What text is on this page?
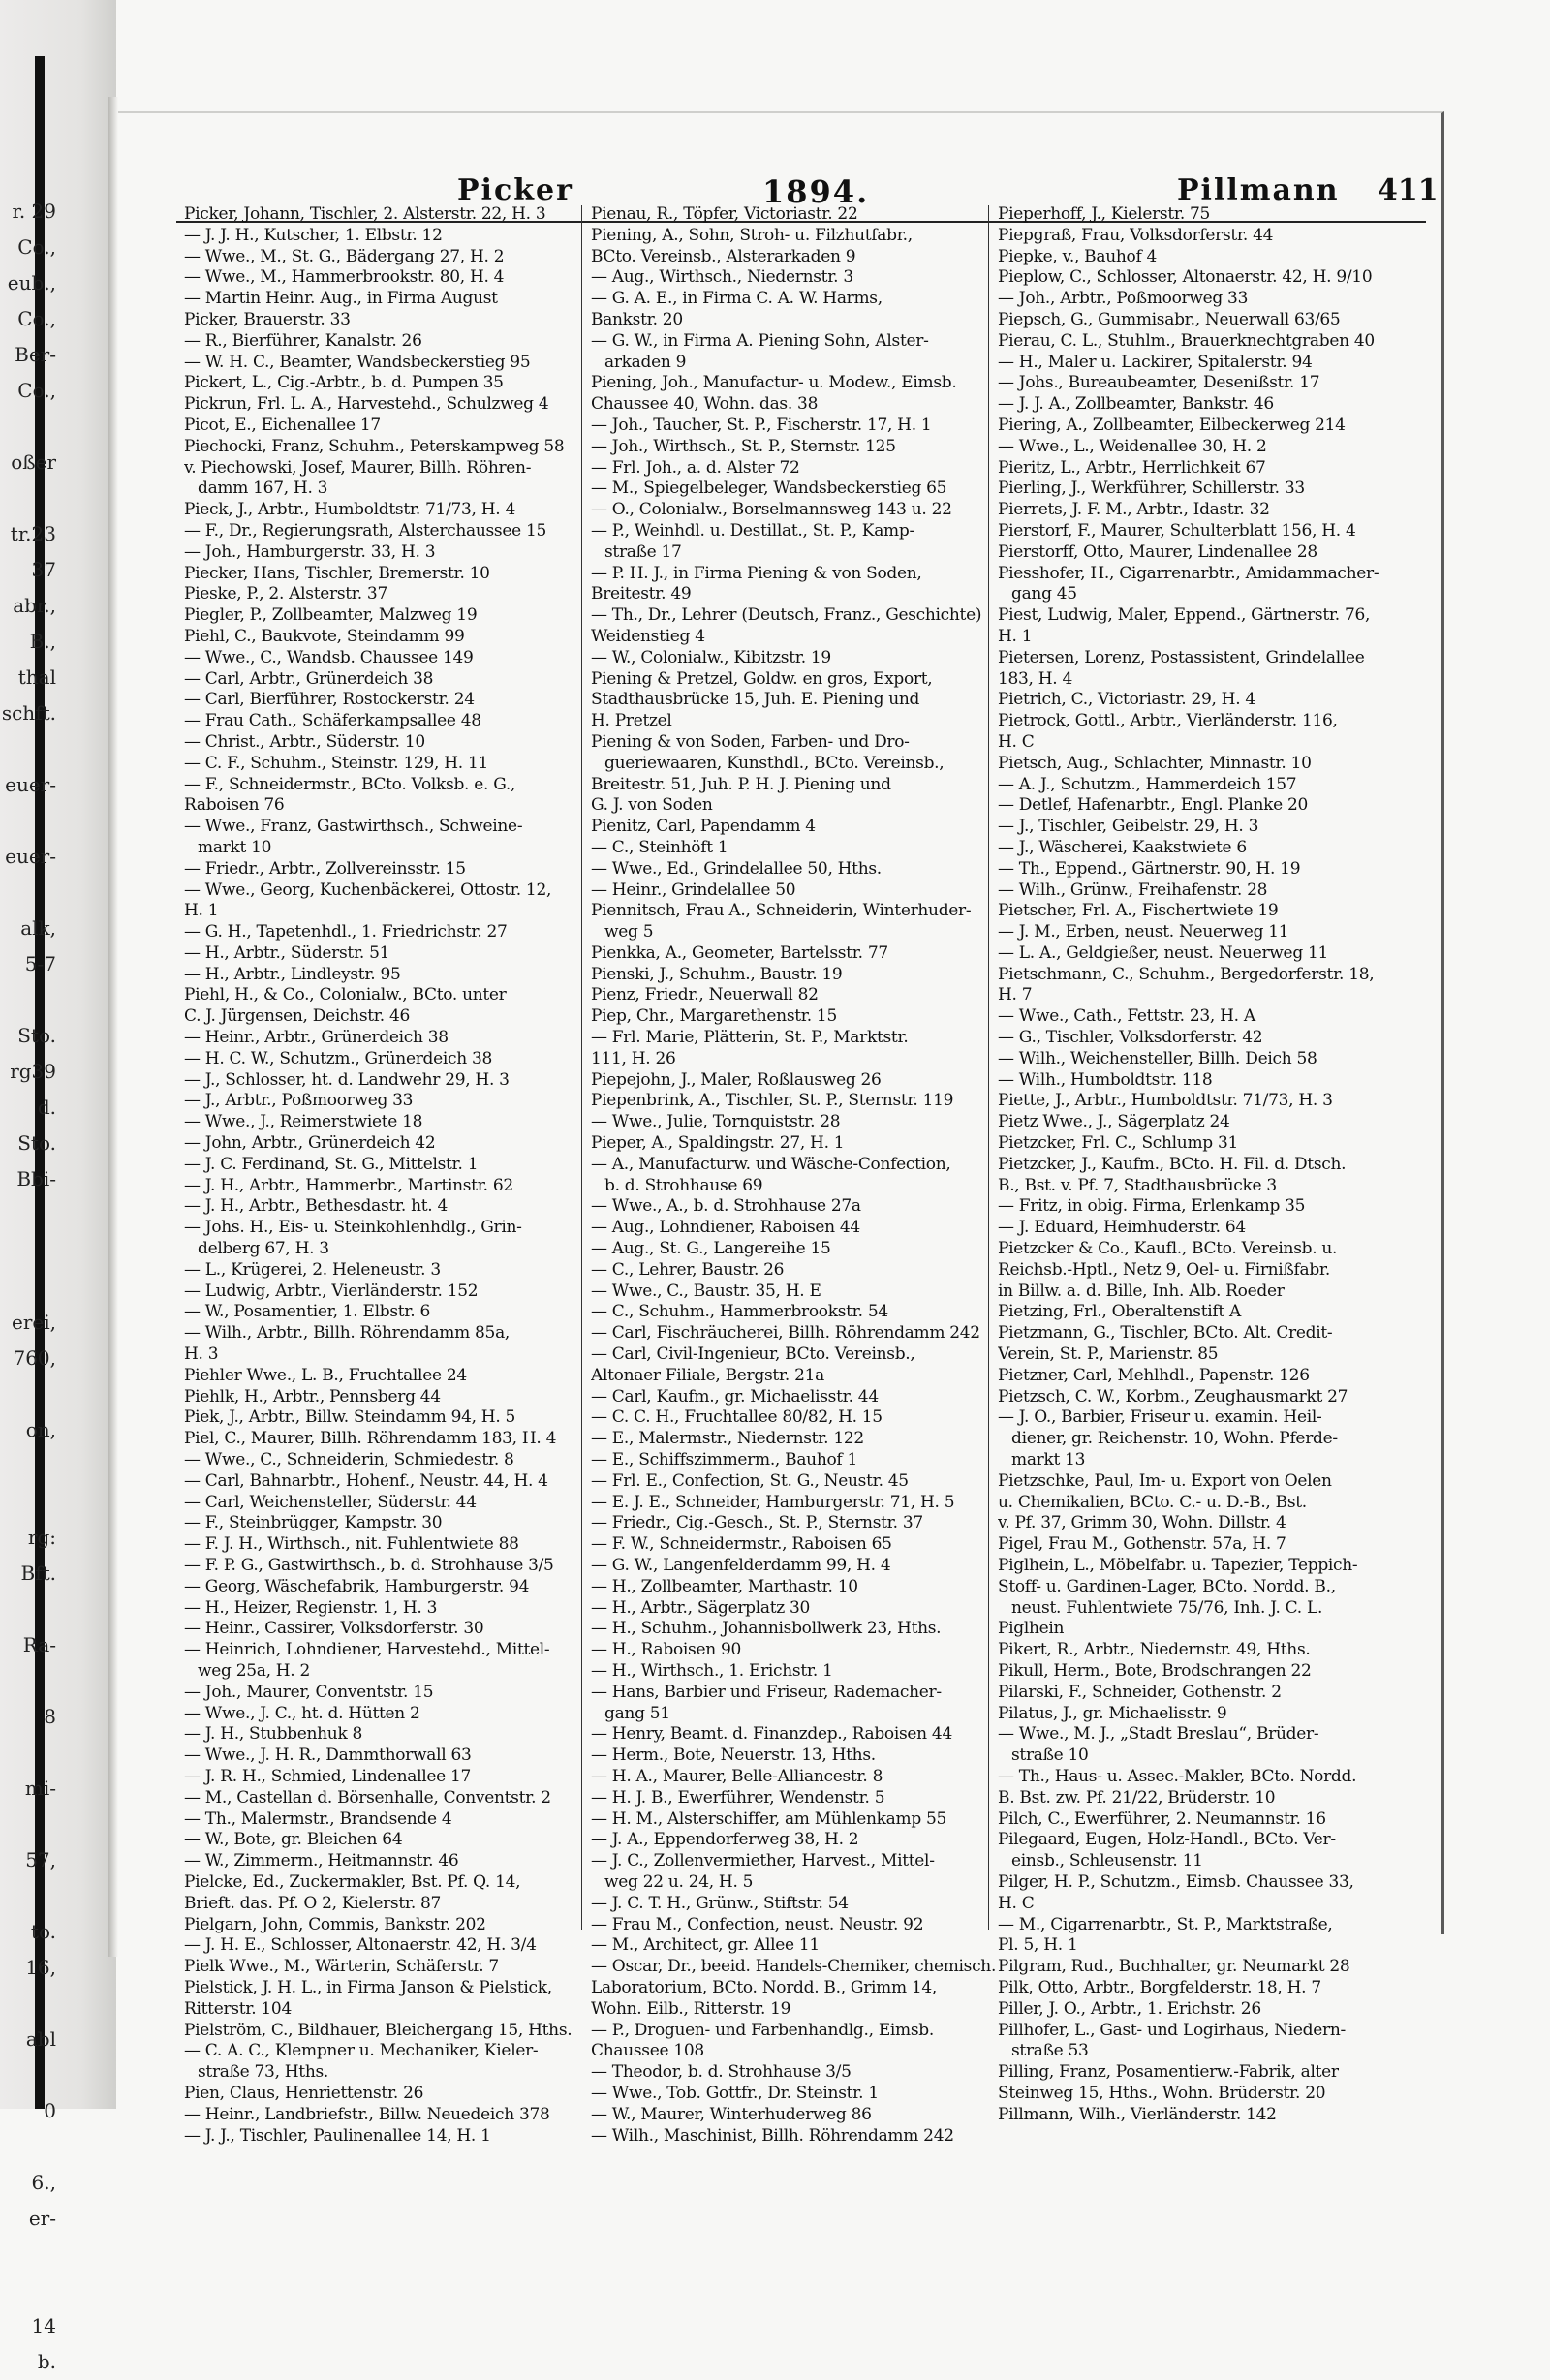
r. 29
Co.,
eub.,
Co.,
Ber-
Co.,
oßer
tr.23
37
abr.,
B.,
thal
schft.
euer-
euer-
alk,
5-7
Sto.
rg39
d.
Sto.
Bbi-
erei,
760,
on,
rg:
Bft.
Ra-
8
mi-
57,
to.
16,
abl
0
6.,
er-
14
b.
Picker	1894.	Pillmann 411
Picker, Johann, Tischler, 2. Alsterstr. 22, H. 3
— J. J. H., Kutscher, 1. Elbstr. 12
— Wwe., M., St. G., Bädergang 27, H. 2
— Wwe., M., Hammerbrookstr. 80, H. 4
— Martin Heinr. Aug., in Firma August
Picker, Brauerstr. 33
— R., Bierführer, Kanalstr. 26
— W. H. C., Beamter, Wandsbeckerstieg 95
Pickert, L., Cig.-Arbtr., b. d. Pumpen 35
Pickrun, Frl. L. A., Harvestehd., Schulzweg 4
Picot, E., Eichenallee 17
Piechocki, Franz, Schuhm., Peterskampweg 58
v. Piechowski, Josef, Maurer, Billh. Röhren-
damm 167, H. 3
Pieck, J., Arbtr., Humboldtstr. 71/73, H. 4
— F., Dr., Regierungsrath, Alsterchaussee 15
— Joh., Hamburgerstr. 33, H. 3
Piecker, Hans, Tischler, Bremerstr. 10
Pieske, P., 2. Alsterstr. 37
Piegler, P., Zollbeamter, Malzweg 19
Piehl, C., Baukvote, Steindamm 99
— Wwe., C., Wandsb. Chaussee 149
— Carl, Arbtr., Grünerdeich 38
— Carl, Bierführer, Rostockerstr. 24
— Frau Cath., Schäferkampsallee 48
— Christ., Arbtr., Süderstr. 10
— C. F., Schuhm., Steinstr. 129, H. 11
— F., Schneidermstr., BCto. Volksb. e. G.,
Raboisen 76
— Wwe., Franz, Gastwirthsch., Schweine-
markt 10
— Friedr., Arbtr., Zollvereinsstr. 15
— Wwe., Georg, Kuchenbäckerei, Ottostr. 12,
H. 1
— G. H., Tapetenhdl., 1. Friedrichstr. 27
— H., Arbtr., Süderstr. 51
— H., Arbtr., Lindleystr. 95
Piehl, H., & Co., Colonialw., BCto. unter
C. J. Jürgensen, Deichstr. 46
— Heinr., Arbtr., Grünerdeich 38
— H. C. W., Schutzm., Grünerdeich 38
— J., Schlosser, ht. d. Landwehr 29, H. 3
— J., Arbtr., Poßmoorweg 33
— Wwe., J., Reimerstwiete 18
— John, Arbtr., Grünerdeich 42
— J. C. Ferdinand, St. G., Mittelstr. 1
— J. H., Arbtr., Hammerbr., Martinstr. 62
— J. H., Arbtr., Bethesdastr. ht. 4
— Johs. H., Eis- u. Steinkohlenhdlg., Grin-
delberg 67, H. 3
— L., Krügerei, 2. Heleneustr. 3
— Ludwig, Arbtr., Vierländerstr. 152
— W., Posamentier, 1. Elbstr. 6
— Wilh., Arbtr., Billh. Röhrendamm 85a,
H. 3
Piehler Wwe., L. B., Fruchtallee 24
Piehlk, H., Arbtr., Pennsberg 44
Piek, J., Arbtr., Billw. Steindamm 94, H. 5
Piel, C., Maurer, Billh. Röhrendamm 183, H. 4
— Wwe., C., Schneiderin, Schmiedestr. 8
— Carl, Bahnarbtr., Hohenf., Neustr. 44, H. 4
— Carl, Weichensteller, Süderstr. 44
— F., Steinbrügger, Kampstr. 30
— F. J. H., Wirthsch., nit. Fuhlentwiete 88
— F. P. G., Gastwirthsch., b. d. Strohhause 3/5
— Georg, Wäschefabrik, Hamburgerstr. 94
— H., Heizer, Regienstr. 1, H. 3
— Heinr., Cassirer, Volksdorferstr. 30
— Heinrich, Lohndiener, Harvestehd., Mittel-
weg 25a, H. 2
— Joh., Maurer, Conventstr. 15
— Wwe., J. C., ht. d. Hütten 2
— J. H., Stubbenhuk 8
— Wwe., J. H. R., Dammthorwall 63
— J. R. H., Schmied, Lindenallee 17
— M., Castellan d. Börsenhalle, Conventstr. 2
— Th., Malermstr., Brandsende 4
— W., Bote, gr. Bleichen 64
— W., Zimmerm., Heitmannstr. 46
Pielcke, Ed., Zuckermakler, Bst. Pf. Q. 14,
Brieft. das. Pf. O 2, Kielerstr. 87
Pielgarn, John, Commis, Bankstr. 202
— J. H. E., Schlosser, Altonaerstr. 42, H. 3/4
Pielk Wwe., M., Wärterin, Schäferstr. 7
Pielstick, J. H. L., in Firma Janson & Pielstick,
Ritterstr. 104
Pielström, C., Bildhauer, Bleichergang 15, Hths.
— C. A. C., Klempner u. Mechaniker, Kieler-
straße 73, Hths.
Pien, Claus, Henriettenstr. 26
— Heinr., Landbriefstr., Billw. Neuedeich 378
— J. J., Tischler, Paulinenallee 14, H. 1
Pienau, R., Töpfer, Victoriastr. 22
Piening, A., Sohn, Stroh- u. Filzhutfabr.,
BCto. Vereinsb., Alsterarkaden 9
— Aug., Wirthsch., Niedernstr. 3
— G. A. E., in Firma C. A. W. Harms,
Bankstr. 20
— G. W., in Firma A. Piening Sohn, Alster-
arkaden 9
Piening, Joh., Manufactur- u. Modew., Eimsb.
Chaussee 40, Wohn. das. 38
— Joh., Taucher, St. P., Fischerstr. 17, H. 1
— Joh., Wirthsch., St. P., Sternstr. 125
— Frl. Joh., a. d. Alster 72
— M., Spiegelbeleger, Wandsbeckerstieg 65
— O., Colonialw., Borselmannsweg 143 u. 22
— P., Weinhdl. u. Destillat., St. P., Kamp-
straße 17
— P. H. J., in Firma Piening & von Soden,
Breitestr. 49
— Th., Dr., Lehrer (Deutsch, Franz., Geschichte)
Weidenstieg 4
— W., Colonialw., Kibitzstr. 19
Piening & Pretzel, Goldw. en gros, Export,
Stadthausbrücke 15, Juh. E. Piening und
H. Pretzel
Piening & von Soden, Farben- und Dro-
gueriewaaren, Kunsthdl., BCto. Vereinsb.,
Breitestr. 51, Juh. P. H. J. Piening und
G. J. von Soden
Pienitz, Carl, Papendamm 4
— C., Steinhöft 1
— Wwe., Ed., Grindelallee 50, Hths.
— Heinr., Grindelallee 50
Piennitsch, Frau A., Schneiderin, Winterhuder-
weg 5
Pienkka, A., Geometer, Bartelsstr. 77
Pienski, J., Schuhm., Baustr. 19
Pienz, Friedr., Neuerwall 82
Piep, Chr., Margarethenstr. 15
— Frl. Marie, Plätterin, St. P., Marktstr.
111, H. 26
Piepejohn, J., Maler, Roßlausweg 26
Piepenbrink, A., Tischler, St. P., Sternstr. 119
— Wwe., Julie, Tornquiststr. 28
Pieper, A., Spaldingstr. 27, H. 1
— A., Manufacturw. und Wäsche-Confection,
b. d. Strohhause 69
— Wwe., A., b. d. Strohhause 27a
— Aug., Lohndiener, Raboisen 44
— Aug., St. G., Langereihe 15
— C., Lehrer, Baustr. 26
— Wwe., C., Baustr. 35, H. E
— C., Schuhm., Hammerbrookstr. 54
— Carl, Fischräucherei, Billh. Röhrendamm 242
— Carl, Civil-Ingenieur, BCto. Vereinsb.,
Altonaer Filiale, Bergstr. 21a
— Carl, Kaufm., gr. Michaelisstr. 44
— C. C. H., Fruchtallee 80/82, H. 15
— E., Malermstr., Niedernstr. 122
— E., Schiffszimmerm., Bauhof 1
— Frl. E., Confection, St. G., Neustr. 45
— E. J. E., Schneider, Hamburgerstr. 71, H. 5
— Friedr., Cig.-Gesch., St. P., Sternstr. 37
— F. W., Schneidermstr., Raboisen 65
— G. W., Langenfelderdamm 99, H. 4
— H., Zollbeamter, Marthastr. 10
— H., Arbtr., Sägerplatz 30
— H., Schuhm., Johannisbollwerk 23, Hths.
— H., Raboisen 90
— H., Wirthsch., 1. Erichstr. 1
— Hans, Barbier und Friseur, Rademacher-
gang 51
— Henry, Beamt. d. Finanzdep., Raboisen 44
— Herm., Bote, Neuerstr. 13, Hths.
— H. A., Maurer, Belle-Alliancestr. 8
— H. J. B., Ewerführer, Wendenstr. 5
— H. M., Alsterschiffer, am Mühlenkamp 55
— J. A., Eppendorferweg 38, H. 2
— J. C., Zollenvermiether, Harvest., Mittel-
weg 22 u. 24, H. 5
— J. C. T. H., Grünw., Stiftstr. 54
— Frau M., Confection, neust. Neustr. 92
— M., Architect, gr. Allee 11
— Oscar, Dr., beeid. Handels-Chemiker, chemisch.
Laboratorium, BCto. Nordd. B., Grimm 14,
Wohn. Eilb., Ritterstr. 19
— P., Droguen- und Farbenhandlg., Eimsb.
Chaussee 108
— Theodor, b. d. Strohhause 3/5
— Wwe., Tob. Gottfr., Dr. Steinstr. 1
— W., Maurer, Winterhuderweg 86
— Wilh., Maschinist, Billh. Röhrendamm 242
Pieperhoff, J., Kielerstr. 75
Piepgraß, Frau, Volksdorferstr. 44
Piepke, v., Bauhof 4
Pieplow, C., Schlosser, Altonaerstr. 42, H. 9/10
— Joh., Arbtr., Poßmoorweg 33
Piepsch, G., Gummisabr., Neuerwall 63/65
Pierau, C. L., Stuhlm., Brauerknechtgraben 40
— H., Maler u. Lackirer, Spitalerstr. 94
— Johs., Bureaubeamter, Desenißstr. 17
— J. J. A., Zollbeamter, Bankstr. 46
Piering, A., Zollbeamter, Eilbeckerweg 214
— Wwe., L., Weidenallee 30, H. 2
Pieritz, L., Arbtr., Herrlichkeit 67
Pierling, J., Werkführer, Schillerstr. 33
Pierrets, J. F. M., Arbtr., Idastr. 32
Pierstorf, F., Maurer, Schulterblatt 156, H. 4
Pierstorff, Otto, Maurer, Lindenallee 28
Piesshofer, H., Cigarrenarbtr., Amidammacher-
gang 45
Piest, Ludwig, Maler, Eppend., Gärtnerstr. 76,
H. 1
Pietersen, Lorenz, Postassistent, Grindelallee
183, H. 4
Pietrich, C., Victoriastr. 29, H. 4
Pietrock, Gottl., Arbtr., Vierländerstr. 116,
H. C
Pietsch, Aug., Schlachter, Minnastr. 10
— A. J., Schutzm., Hammerdeich 157
— Detlef, Hafenarbtr., Engl. Planke 20
— J., Tischler, Geibelstr. 29, H. 3
— J., Wäscherei, Kaakstwiete 6
— Th., Eppend., Gärtnerstr. 90, H. 19
— Wilh., Grünw., Freihafenstr. 28
Pietscher, Frl. A., Fischertwiete 19
— J. M., Erben, neust. Neuerweg 11
— L. A., Geldgießer, neust. Neuerweg 11
Pietschmann, C., Schuhm., Bergedorferstr. 18,
H. 7
— Wwe., Cath., Fettstr. 23, H. A
— G., Tischler, Volksdorferstr. 42
— Wilh., Weichensteller, Billh. Deich 58
— Wilh., Humboldtstr. 118
Piette, J., Arbtr., Humboldtstr. 71/73, H. 3
Pietz Wwe., J., Sägerplatz 24
Pietzcker, Frl. C., Schlump 31
Pietzcker, J., Kaufm., BCto. H. Fil. d. Dtsch.
B., Bst. v. Pf. 7, Stadthausbrücke 3
— Fritz, in obig. Firma, Erlenkamp 35
— J. Eduard, Heimhuderstr. 64
Pietzcker & Co., Kaufl., BCto. Vereinsb. u.
Reichsb.-Hptl., Netz 9, Oel- u. Firnißfabr.
in Billw. a. d. Bille, Inh. Alb. Roeder
Pietzing, Frl., Oberaltenstift A
Pietzmann, G., Tischler, BCto. Alt. Credit-
Verein, St. P., Marienstr. 85
Pietzner, Carl, Mehlhdl., Papenstr. 126
Pietzsch, C. W., Korbm., Zeughausmarkt 27
— J. O., Barbier, Friseur u. examin. Heil-
diener, gr. Reichenstr. 10, Wohn. Pferde-
markt 13
Pietzschke, Paul, Im- u. Export von Oelen
u. Chemikalien, BCto. C.- u. D.-B., Bst.
v. Pf. 37, Grimm 30, Wohn. Dillstr. 4
Pigel, Frau M., Gothenstr. 57a, H. 7
Piglhein, L., Möbelfabr. u. Tapezier, Teppich-
Stoff- u. Gardinen-Lager, BCto. Nordd. B.,
neust. Fuhlentwiete 75/76, Inh. J. C. L.
Piglhein
Pikert, R., Arbtr., Niedernstr. 49, Hths.
Pikull, Herm., Bote, Brodschrangen 22
Pilarski, F., Schneider, Gothenstr. 2
Pilatus, J., gr. Michaelisstr. 9
— Wwe., M. J., „Stadt Breslau“, Brüder-
straße 10
— Th., Haus- u. Assec.-Makler, BCto. Nordd.
B. Bst. zw. Pf. 21/22, Brüderstr. 10
Pilch, C., Ewerführer, 2. Neumannstr. 16
Pilegaard, Eugen, Holz-Handl., BCto. Ver-
einsb., Schleusenstr. 11
Pilger, H. P., Schutzm., Eimsb. Chaussee 33,
H. C
— M., Cigarrenarbtr., St. P., Marktstraße,
Pl. 5, H. 1
Pilgram, Rud., Buchhalter, gr. Neumarkt 28
Pilk, Otto, Arbtr., Borgfelderstr. 18, H. 7
Piller, J. O., Arbtr., 1. Erichstr. 26
Pillhofer, L., Gast- und Logirhaus, Niedern-
straße 53
Pilling, Franz, Posamentierw.-Fabrik, alter
Steinweg 15, Hths., Wohn. Brüderstr. 20
Pillmann, Wilh., Vierländerstr. 142
